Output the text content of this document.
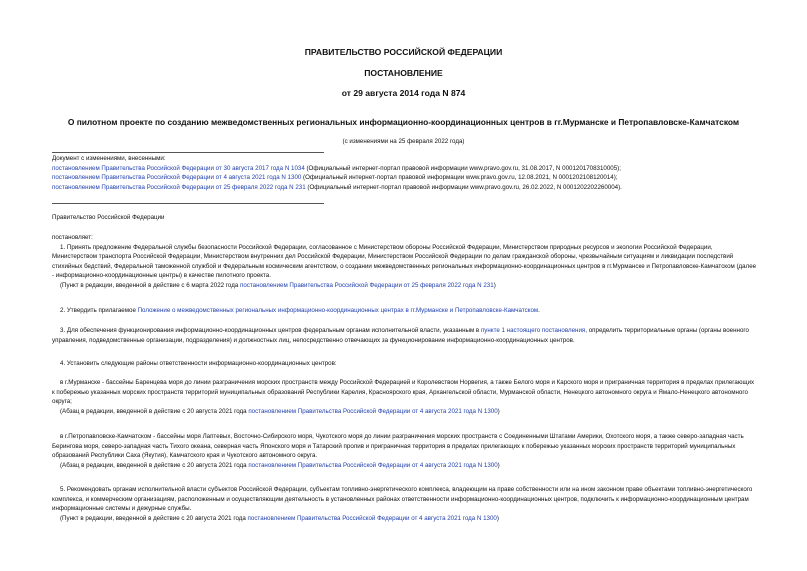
ПРАВИТЕЛЬСТВО РОССИЙСКОЙ ФЕДЕРАЦИИ
ПОСТАНОВЛЕНИЕ
от 29 августа 2014 года N 874
О пилотном проекте по созданию межведомственных региональных информационно-координационных центров в гг.Мурманске и Петропавловске-Камчатском
(с изменениями на 25 февраля 2022 года)
Документ с изменениями, внесенными:
постановлением Правительства Российской Федерации от 30 августа 2017 года N 1034 (Официальный интернет-портал правовой информации www.pravo.gov.ru, 31.08.2017, N 0001201708310005);
постановлением Правительства Российской Федерации от 4 августа 2021 года N 1300 (Официальный интернет-портал правовой информации www.pravo.gov.ru, 12.08.2021, N 0001202108120014);
постановлением Правительства Российской Федерации от 25 февраля 2022 года N 231 (Официальный интернет-портал правовой информации www.pravo.gov.ru, 26.02.2022, N 0001202202260004).
Правительство Российской Федерации
постановляет:
1. Принять предложение Федеральной службы безопасности Российской Федерации, согласованное с Министерством обороны Российской Федерации, Министерством природных ресурсов и экологии Российской Федерации, Министерством транспорта Российской Федерации, Министерством внутренних дел Российской Федерации, Министерством Российской Федерации по делам гражданской обороны, чрезвычайным ситуациям и ликвидации последствий стихийных бедствий, Федеральной таможенной службой и Федеральным космическим агентством, о создании межведомственных региональных информационно-координационных центров в гг.Мурманске и Петропавловске-Камчатском (далее - информационно-координационные центры) в качестве пилотного проекта.
(Пункт в редакции, введенной в действие с 6 марта 2022 года постановлением Правительства Российской Федерации от 25 февраля 2022 года N 231)
2. Утвердить прилагаемое Положение о межведомственных региональных информационно-координационных центрах в гг.Мурманске и Петропавловске-Камчатском.
3. Для обеспечения функционирования информационно-координационных центров федеральным органам исполнительной власти, указанным в пункте 1 настоящего постановления, определить территориальные органы (органы военного управления, подведомственные организации, подразделения) и должностных лиц, непосредственно отвечающих за функционирование информационно-координационных центров.
4. Установить следующие районы ответственности информационно-координационных центров:
в г.Мурманске - бассейны Баренцева моря до линии разграничения морских пространств между Российской Федерацией и Королевством Норвегия, а также Белого моря и Карского моря и приграничная территория в пределах прилегающих к побережью указанных морских пространств территорий муниципальных образований Республики Карелия, Красноярского края, Архангельской области, Мурманской области, Ненецкого автономного округа и Ямало-Ненецкого автономного округа;
(Абзац в редакции, введенной в действие с 20 августа 2021 года постановлением Правительства Российской Федерации от 4 августа 2021 года N 1300)
в г.Петропавловске-Камчатском - бассейны моря Лаптевых, Восточно-Сибирского моря, Чукотского моря до линии разграничения морских пространств с Соединенными Штатами Америки, Охотского моря, а также северо-западная часть Берингова моря, северо-западная часть Тихого океана, северная часть Японского моря и Татарский пролив и приграничная территория в пределах прилегающих к побережью указанных морских пространств территорий муниципальных образований Республики Саха (Якутия), Камчатского края и Чукотского автономного округа.
(Абзац в редакции, введенной в действие с 20 августа 2021 года постановлением Правительства Российской Федерации от 4 августа 2021 года N 1300)
5. Рекомендовать органам исполнительной власти субъектов Российской Федерации, субъектам топливно-энергетического комплекса, владеющим на праве собственности или на ином законном праве объектами топливно-энергетического комплекса, и коммерческим организациям, расположенным и осуществляющим деятельность в установленных районах ответственности информационно-координационных центров, подключить к информационно-координационным центрам информационные системы и дежурные службы.
(Пункт в редакции, введенной в действие с 20 августа 2021 года постановлением Правительства Российской Федерации от 4 августа 2021 года N 1300)
